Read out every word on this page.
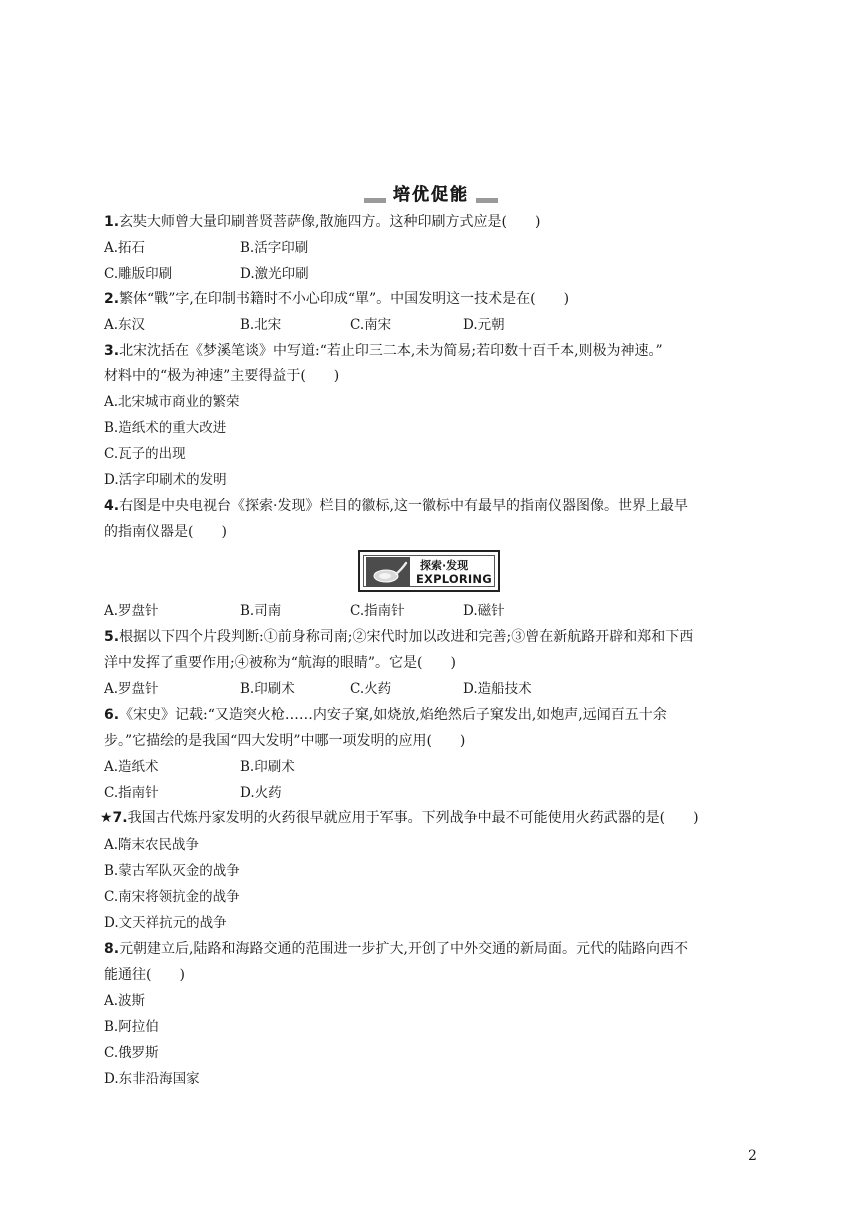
培优促能
1.玄奘大师曾大量印刷普贤菩萨像,散施四方。这种印刷方式应是(　　)
A.拓石	B.活字印刷
C.雕版印刷	D.激光印刷
2.繁体“戰”字,在印制书籍时不小心印成“單”。中国发明这一技术是在(　　)
A.东汉	B.北宋	C.南宋	D.元朝
3.北宋沈括在《梦溪笔谈》中写道:“若止印三二本,未为简易;若印数十百千本,则极为神速。”
材料中的“极为神速”主要得益于(　　)
A.北宋城市商业的繁荣
B.造纸术的重大改进
C.瓦子的出现
D.活字印刷术的发明
4.右图是中央电视台《探索·发现》栏目的徽标,这一徽标中有最早的指南仪器图像。世界上最早
的指南仪器是(　　)
探索·发现
EXPLORING
A.罗盘针	B.司南	C.指南针	D.磁针
5.根据以下四个片段判断:①前身称司南;②宋代时加以改进和完善;③曾在新航路开辟和郑和下西
洋中发挥了重要作用;④被称为“航海的眼睛”。它是(　　)
A.罗盘针	B.印刷术	C.火药	D.造船技术
6.《宋史》记载:“又造突火枪……内安子窠,如烧放,焰绝然后子窠发出,如炮声,远闻百五十余
步。”它描绘的是我国“四大发明”中哪一项发明的应用(　　)
A.造纸术	B.印刷术
C.指南针	D.火药
★7.我国古代炼丹家发明的火药很早就应用于军事。下列战争中最不可能使用火药武器的是(　　)
A.隋末农民战争
B.蒙古军队灭金的战争
C.南宋将领抗金的战争
D.文天祥抗元的战争
8.元朝建立后,陆路和海路交通的范围进一步扩大,开创了中外交通的新局面。元代的陆路向西不
能通往(　　)
A.波斯
B.阿拉伯
C.俄罗斯
D.东非沿海国家
2
